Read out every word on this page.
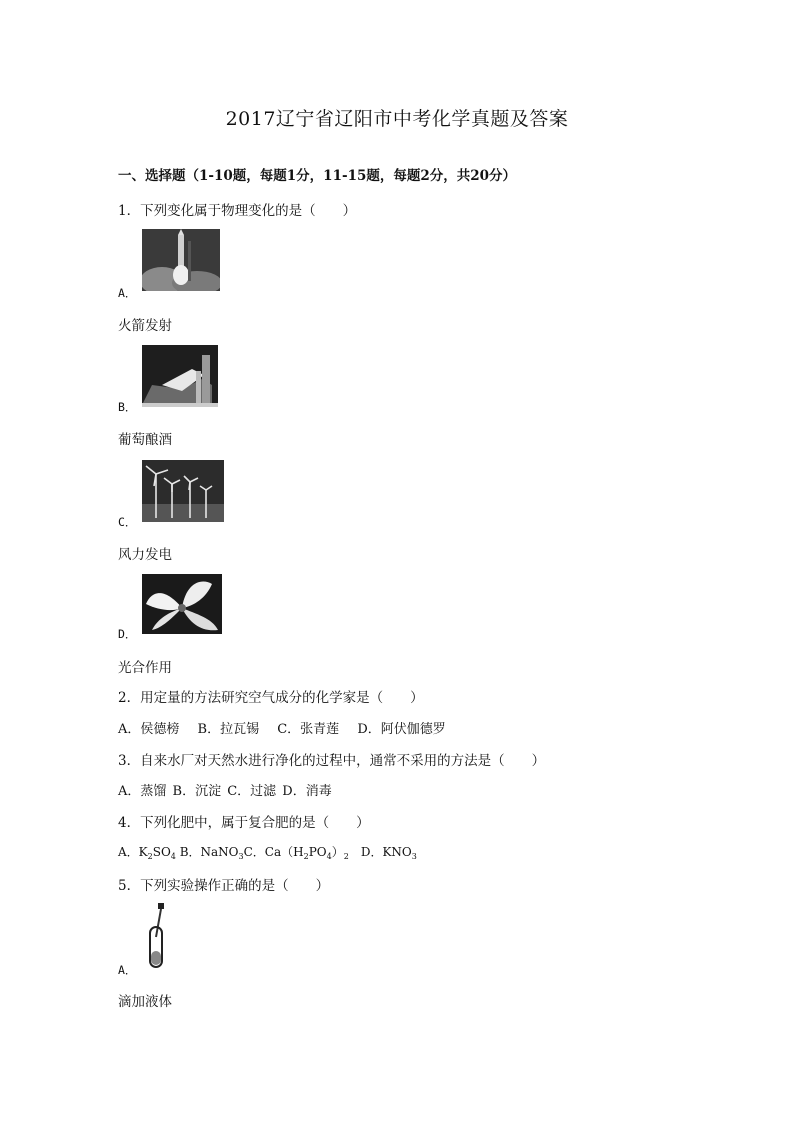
2017辽宁省辽阳市中考化学真题及答案
一、选择题（1-10题，每题1分，11-15题，每题2分，共20分）
1．下列变化属于物理变化的是（　　）
A．
火箭发射
B．
葡萄酿酒
C．
风力发电
D．
光合作用
2．用定量的方法研究空气成分的化学家是（　　）
A．侯德榜 B．拉瓦锡 C．张青莲 D．阿伏伽德罗
3．自来水厂对天然水进行净化的过程中，通常不采用的方法是（　　）
A．蒸馏 B．沉淀 C．过滤 D．消毒
4．下列化肥中，属于复合肥的是（　　）
A．$K_2SO_4$ B．NaNO$_3$C．$Ca(H_2PO_4)_2$　D．$KNO_3$
5．下列实验操作正确的是（　　）
A．
滴加液体
